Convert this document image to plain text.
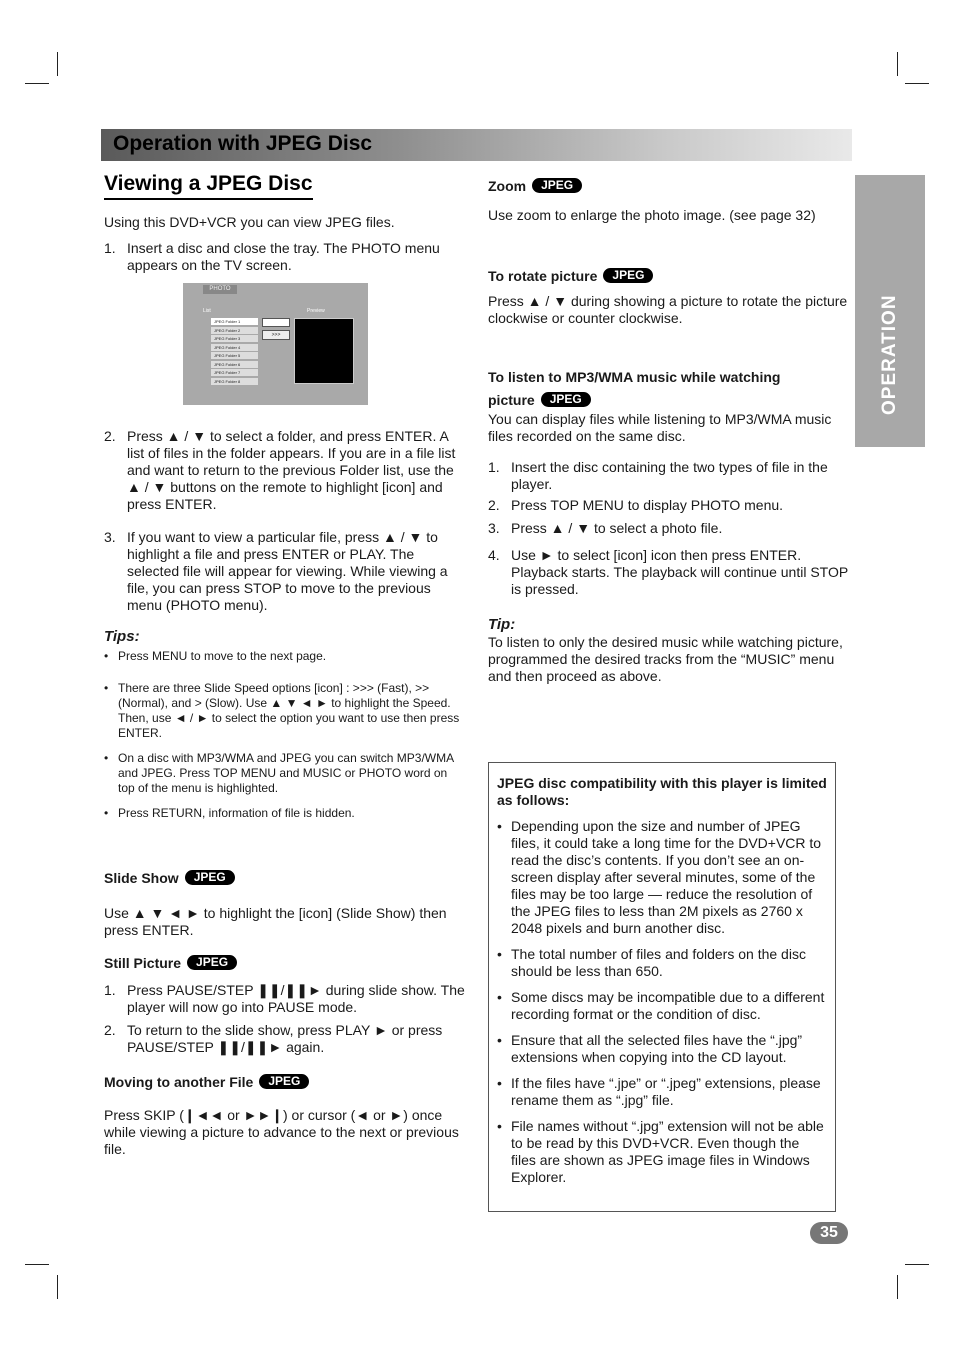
Operation with JPEG Disc
OPERATION
Viewing a JPEG Disc
Using this DVD+VCR you can view JPEG files.
1. Insert a disc and close the tray. The PHOTO menu appears on the TV screen.
PHOTO
List	Preview
JPEG Folder 1
JPEG Folder 2
JPEG Folder 3
JPEG Folder 4
JPEG Folder 5
JPEG Folder 6
JPEG Folder 7
JPEG Folder 8
>>>
2. Press ▲ / ▼ to select a folder, and press ENTER. A list of files in the folder appears. If you are in a file list and want to return to the previous Folder list, use the ▲ / ▼ buttons on the remote to highlight [icon] and press ENTER.
3. If you want to view a particular file, press ▲ / ▼ to highlight a file and press ENTER or PLAY. The selected file will appear for viewing. While viewing a file, you can press STOP to move to the previous menu (PHOTO menu).
Tips:
• Press MENU to move to the next page.
• There are three Slide Speed options [icon] : >>> (Fast), >> (Normal), and > (Slow). Use ▲ ▼ ◄ ► to highlight the Speed. Then, use ◄ / ► to select the option you want to use then press ENTER.
• On a disc with MP3/WMA and JPEG you can switch MP3/WMA and JPEG. Press TOP MENU and MUSIC or PHOTO word on top of the menu is highlighted.
• Press RETURN, information of file is hidden.
Slide Show JPEG
Use ▲ ▼ ◄ ► to highlight the [icon] (Slide Show) then press ENTER.
Still Picture JPEG
1. Press PAUSE/STEP ❚❚/❚❚► during slide show. The player will now go into PAUSE mode.
2. To return to the slide show, press PLAY ► or press PAUSE/STEP ❚❚/❚❚► again.
Moving to another File JPEG
Press SKIP (❙◄◄ or ►►❙) or cursor (◄ or ►) once while viewing a picture to advance to the next or previous file.
Zoom JPEG
Use zoom to enlarge the photo image. (see page 32)
To rotate picture JPEG
Press ▲ / ▼ during showing a picture to rotate the picture clockwise or counter clockwise.
To listen to MP3/WMA music while watching
picture JPEG
You can display files while listening to MP3/WMA music files recorded on the same disc.
1. Insert the disc containing the two types of file in the player.
2. Press TOP MENU to display PHOTO menu.
3. Press ▲ / ▼ to select a photo file.
4. Use ► to select [icon] icon then press ENTER. Playback starts. The playback will continue until STOP is pressed.
Tip:
To listen to only the desired music while watching picture, programmed the desired tracks from the “MUSIC” menu and then proceed as above.
JPEG disc compatibility with this player is limited as follows:
• Depending upon the size and number of JPEG files, it could take a long time for the DVD+VCR to read the disc’s contents. If you don’t see an on-screen display after several minutes, some of the files may be too large — reduce the resolution of the JPEG files to less than 2M pixels as 2760 x 2048 pixels and burn another disc.
• The total number of files and folders on the disc should be less than 650.
• Some discs may be incompatible due to a different recording format or the condition of disc.
• Ensure that all the selected files have the “.jpg” extensions when copying into the CD layout.
• If the files have “.jpe” or “.jpeg” extensions, please rename them as “.jpg” file.
• File names without “.jpg” extension will not be able to be read by this DVD+VCR. Even though the files are shown as JPEG image files in Windows Explorer.
35
